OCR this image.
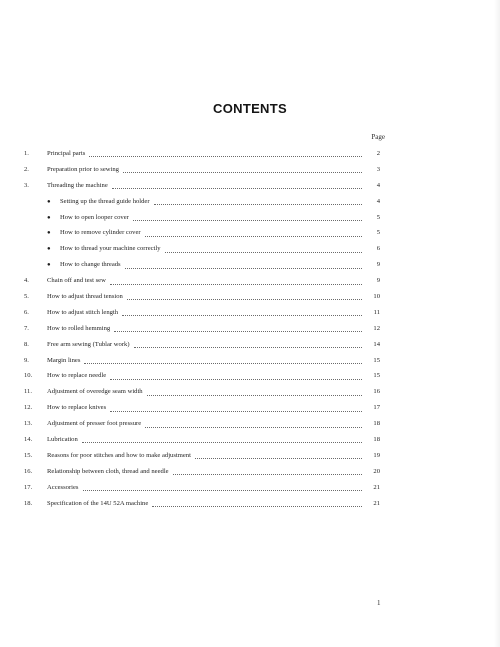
CONTENTS
Page
1.	Principal parts	2
2.	Preparation prior to sewing	3
3.	Threading the machine	4
●	Setting up the thread guide holder	4
●	How to open looper cover	5
●	How to remove cylinder cover	5
●	How to thread your machine correctly	6
●	How to change threads	9
4.	Chain off and test sew	9
5.	How to adjust thread tension	10
6.	How to adjust stitch length	11
7.	How to rolled hemming	12
8.	Free arm sewing (Tublar work)	14
9.	Margin lines	15
10.	How to replace needle	15
11.	Adjustment of overedge seam width	16
12.	How to replace knives	17
13.	Adjustment of presser foot pressure	18
14.	Lubrication	18
15.	Reasons for poor stitches and how to make adjustment	19
16.	Relationship between cloth, thread and needle	20
17.	Accessories	21
18.	Specification of the 14U 52A machine	21
1
